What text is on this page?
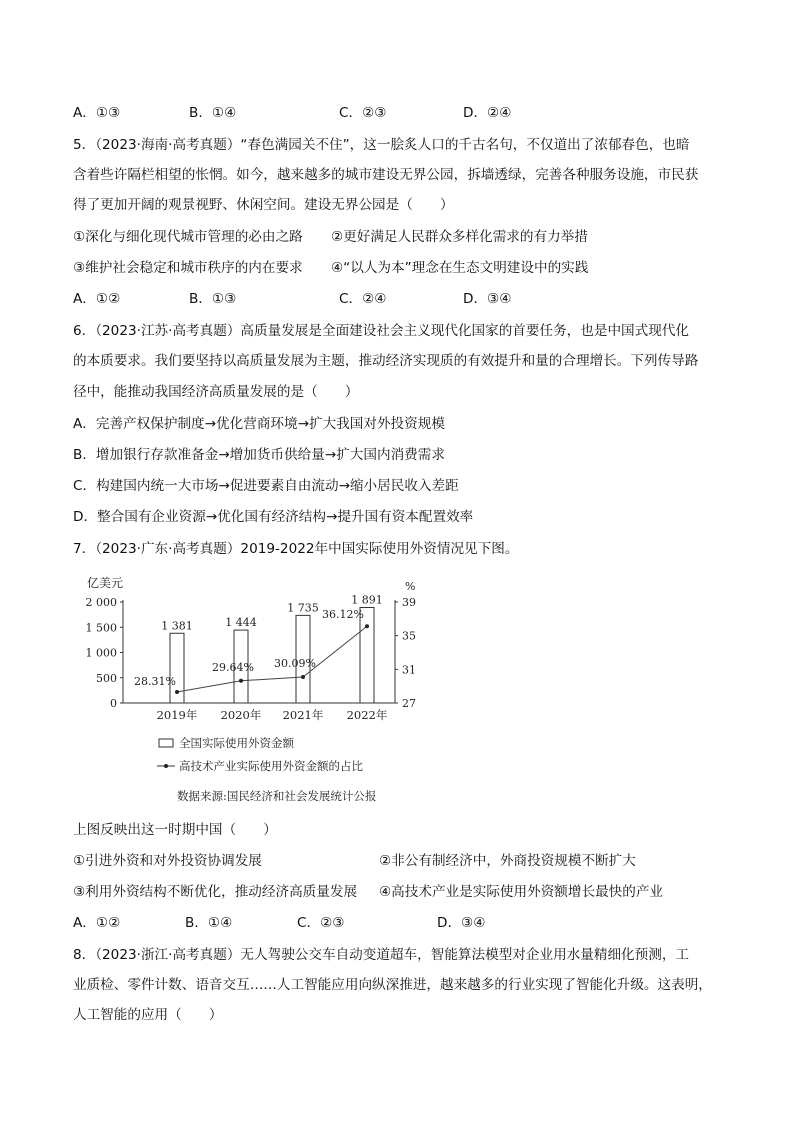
A．①③	B．①④	C．②③	D．②④
5．（2023·海南·高考真题）“春色满园关不住”，这一脍炙人口的千古名句，不仅道出了浓郁春色，也暗
含着些许隔栏相望的怅惘。如今，越来越多的城市建设无界公园，拆墙透绿，完善各种服务设施，市民获
得了更加开阔的观景视野、休闲空间。建设无界公园是（　　）
①深化与细化现代城市管理的必由之路 ②更好满足人民群众多样化需求的有力举措
③维护社会稳定和城市秩序的内在要求 ④“以人为本”理念在生态文明建设中的实践
A．①②	B．①③	C．②④	D．③④
6．（2023·江苏·高考真题）高质量发展是全面建设社会主义现代化国家的首要任务，也是中国式现代化
的本质要求。我们要坚持以高质量发展为主题，推动经济实现质的有效提升和量的合理增长。下列传导路
径中，能推动我国经济高质量发展的是（　　）
A．完善产权保护制度→优化营商环境→扩大我国对外投资规模
B．增加银行存款准备金→增加货币供给量→扩大国内消费需求
C．构建国内统一大市场→促进要素自由流动→缩小居民收入差距
D．整合国有企业资源→优化国有经济结构→提升国有资本配置效率
7．（2023·广东·高考真题）2019-2022年中国实际使用外资情况见下图。
亿美元	%
0
500
1 000
1 500
2 000
27
31
35
39
1 381	1 444
1 735
1 891
2019年 2020年 2021年 2022年
28.31%
29.64% 30.09%
36.12%
全国实际使用外资金额
高技术产业实际使用外资金额的占比
数据来源:国民经济和社会发展统计公报
上图反映出这一时期中国（　　）
①引进外资和对外投资协调发展	②非公有制经济中，外商投资规模不断扩大
③利用外资结构不断优化，推动经济高质量发展 ④高技术产业是实际使用外资额增长最快的产业
A．①②	B．①④	C．②③	D．③④
8．（2023·浙江·高考真题）无人驾驶公交车自动变道超车，智能算法模型对企业用水量精细化预测，工
业质检、零件计数、语音交互……人工智能应用向纵深推进，越来越多的行业实现了智能化升级。这表明，
人工智能的应用（　　）
